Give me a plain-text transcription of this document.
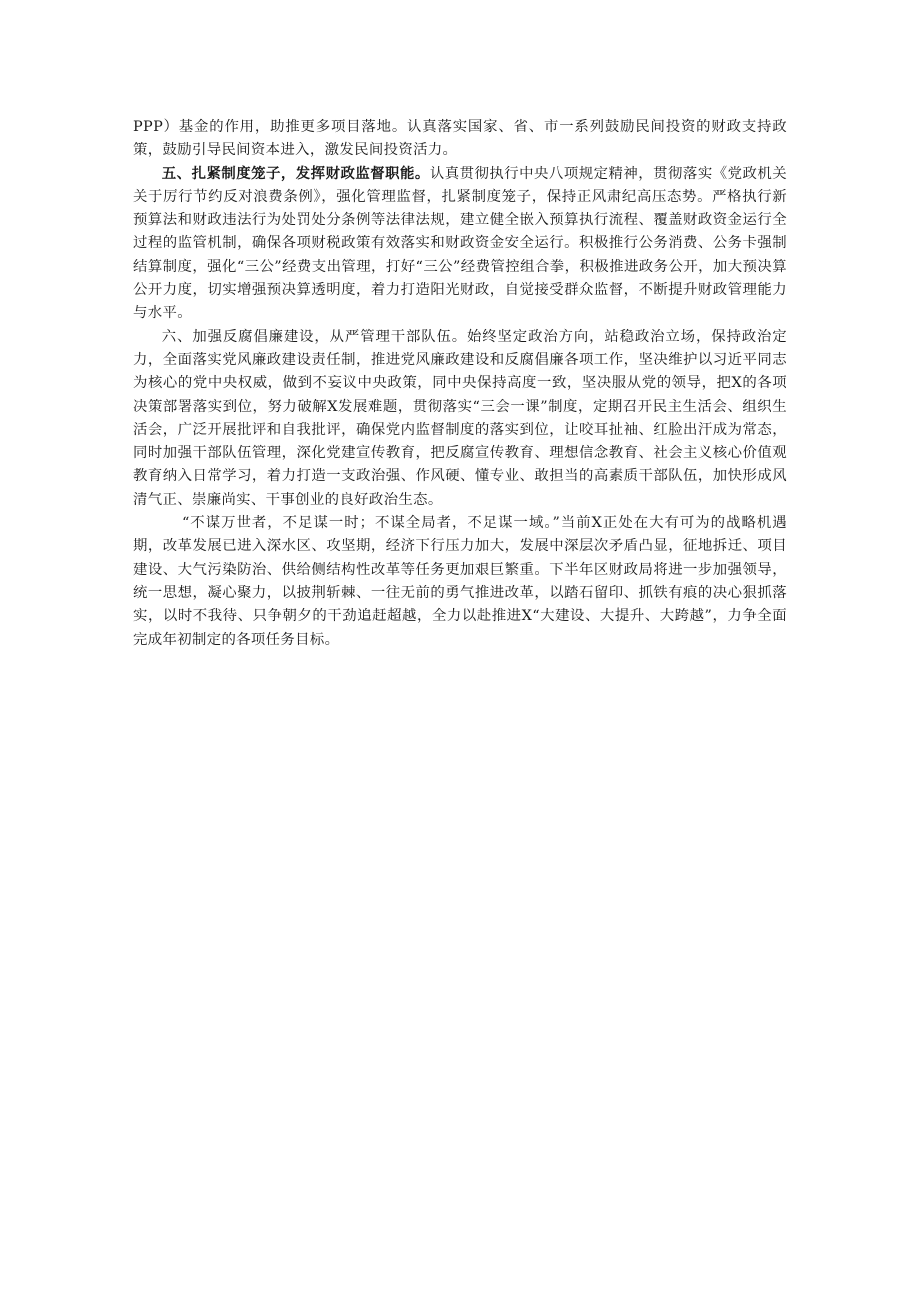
PPP）基金的作用，助推更多项目落地。认真落实国家、省、市一系列鼓励民间投资的财政支持政策，鼓励引导民间资本进入，激发民间投资活力。

五、扎紧制度笼子，发挥财政监督职能。认真贯彻执行中央八项规定精神，贯彻落实《党政机关关于厉行节约反对浪费条例》，强化管理监督，扎紧制度笼子，保持正风肃纪高压态势。严格执行新预算法和财政违法行为处罚处分条例等法律法规，建立健全嵌入预算执行流程、覆盖财政资金运行全过程的监管机制，确保各项财税政策有效落实和财政资金安全运行。积极推行公务消费、公务卡强制结算制度，强化“三公”经费支出管理，打好“三公”经费管控组合拳，积极推进政务公开，加大预决算公开力度，切实增强预决算透明度，着力打造阳光财政，自觉接受群众监督，不断提升财政管理能力与水平。

六、加强反腐倡廉建设，从严管理干部队伍。始终坚定政治方向，站稳政治立场，保持政治定力，全面落实党风廉政建设责任制，推进党风廉政建设和反腐倡廉各项工作，坚决维护以习近平同志为核心的党中央权威，做到不妄议中央政策，同中央保持高度一致，坚决服从党的领导，把X的各项决策部署落实到位，努力破解X发展难题，贯彻落实“三会一课”制度，定期召开民主生活会、组织生活会，广泛开展批评和自我批评，确保党内监督制度的落实到位，让咬耳扯袖、红脸出汗成为常态，同时加强干部队伍管理，深化党建宣传教育，把反腐宣传教育、理想信念教育、社会主义核心价值观教育纳入日常学习，着力打造一支政治强、作风硬、懂专业、敢担当的高素质干部队伍，加快形成风清气正、崇廉尚实、干事创业的良好政治生态。

“不谋万世者，不足谋一时；不谋全局者，不足谋一域。”当前X正处在大有可为的战略机遇期，改革发展已进入深水区、攻坚期，经济下行压力加大，发展中深层次矛盾凸显，征地拆迁、项目建设、大气污染防治、供给侧结构性改革等任务更加艰巨繁重。下半年区财政局将进一步加强领导，统一思想，凝心聚力，以披荆斩棘、一往无前的勇气推进改革，以踏石留印、抓铁有痕的决心狠抓落实，以时不我待、只争朝夕的干劲追赶超越，全力以赴推进X“大建设、大提升、大跨越”，力争全面完成年初制定的各项任务目标。
